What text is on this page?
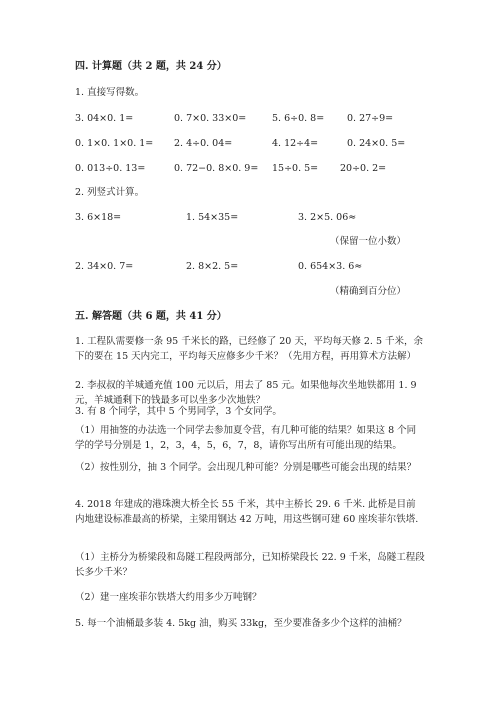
四. 计算题（共 2 题，共 24 分）
1. 直接写得数。
3. 04×0. 1=	0. 7×0. 33×0=	5. 6÷0. 8= 0. 27÷9=
0. 1×0. 1×0. 1= 2. 4÷0. 04=	4. 12÷4=	0. 24×0. 5=
0. 013÷0. 13=	0. 72−0. 8×0. 9= 15÷0. 5= 20÷0. 2=
2. 列竖式计算。
3. 6×18=	1. 54×35=	3. 2×5. 06≈
（保留一位小数）
2. 34×0. 7=	2. 8×2. 5=	0. 654×3. 6≈
（精确到百分位）
五. 解答题（共 6 题，共 41 分）
1. 工程队需要修一条 95 千米长的路，已经修了 20 天，平均每天修 2. 5 千米，余下的要在 15 天内完工，平均每天应修多少千米？（先用方程，再用算术方法解）
2. 李叔叔的羊城通充值 100 元以后，用去了 85 元。如果他每次坐地铁都用 1. 9 元，羊城通剩下的钱最多可以坐多少次地铁？
3. 有 8 个同学，其中 5 个男同学，3 个女同学。
（1）用抽签的办法选一个同学去参加夏令营，有几种可能的结果？如果这 8 个同学的学号分别是 1，2，3，4，5，6，7，8，请你写出所有可能出现的结果。
（2）按性别分，抽 3 个同学。会出现几种可能？分别是哪些可能会出现的结果？
4. 2018 年建成的港珠澳大桥全长 55 千米，其中主桥长 29. 6 千米. 此桥是目前内地建设标准最高的桥梁，主梁用钢达 42 万吨，用这些钢可建 60 座埃菲尔铁塔.
（1）主桥分为桥梁段和岛隧工程段两部分，已知桥梁段长 22. 9 千米，岛隧工程段长多少千米？
（2）建一座埃菲尔铁塔大约用多少万吨钢？
5. 每一个油桶最多装 4. 5kg 油，购买 33kg，至少要准备多少个这样的油桶？
